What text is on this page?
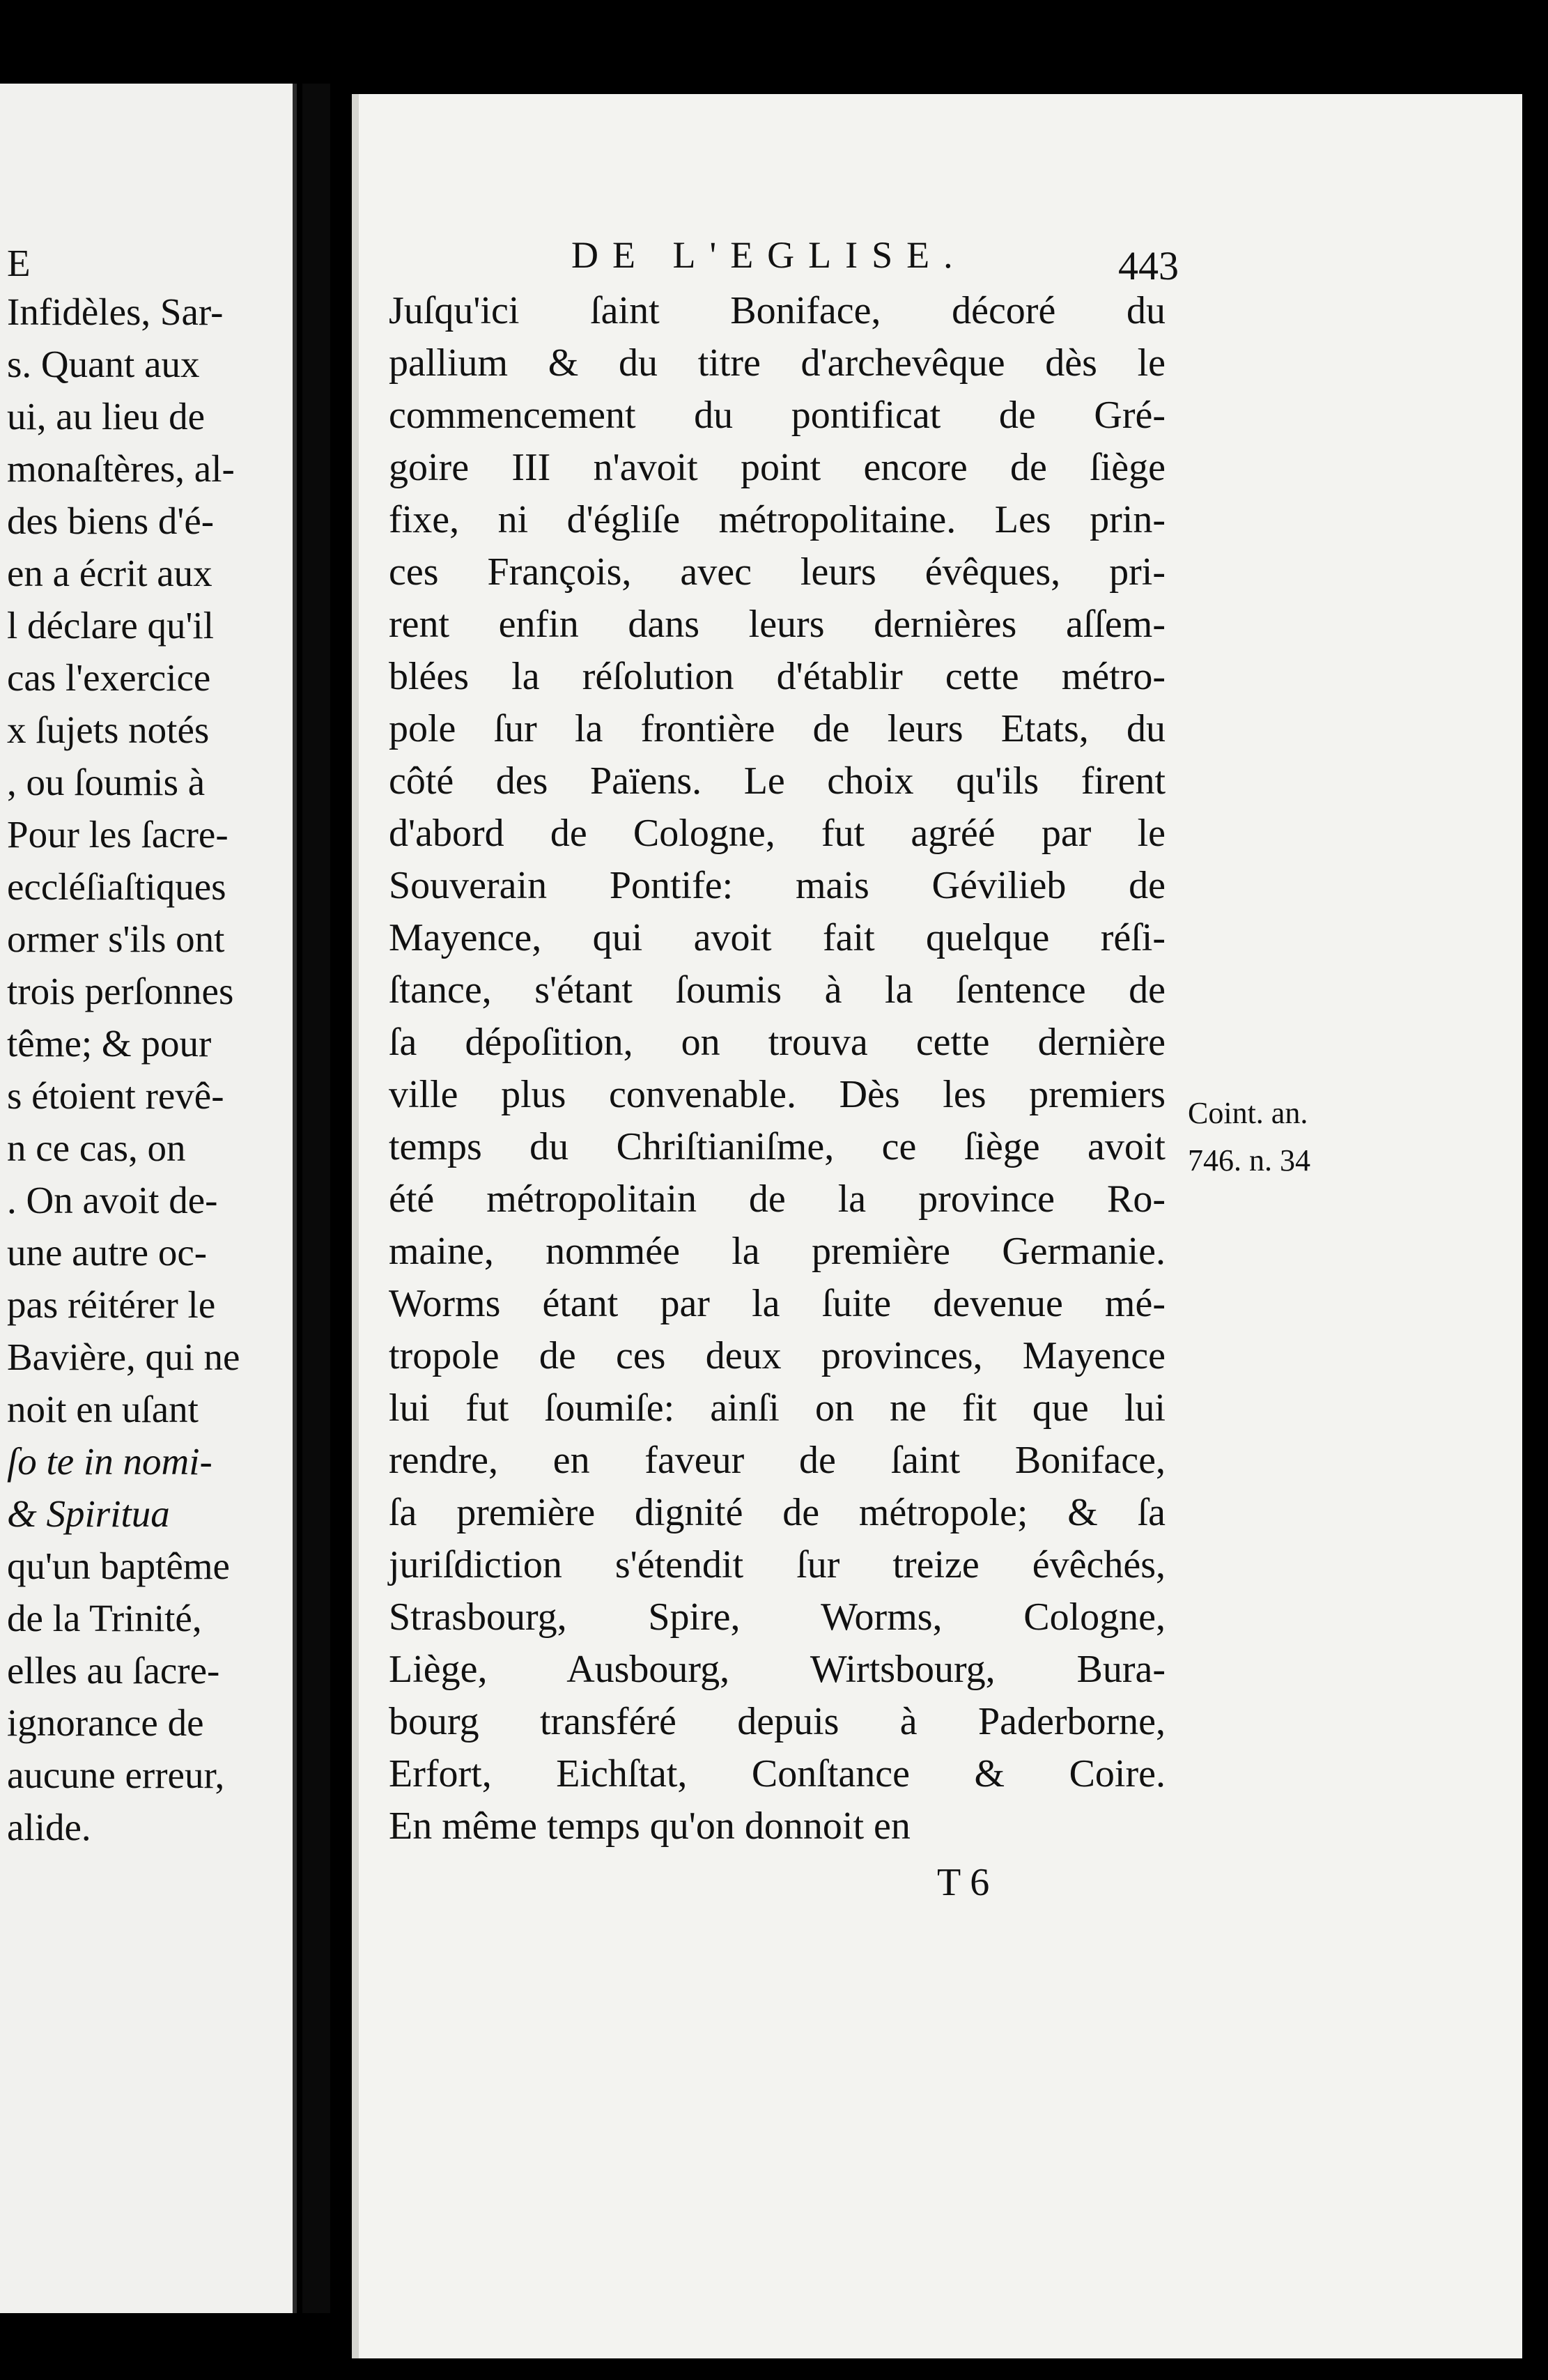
E
Infidèles, Sar-
s. Quant aux
ui, au lieu de
monaſtères, al-
des biens d'é-
en a écrit aux
l déclare qu'il
cas l'exercice
x ſujets notés
, ou ſoumis à
Pour les ſacre-
eccléſiaſtiques
ormer s'ils ont
trois perſonnes
tême; & pour
s étoient revê-
n ce cas, on
. On avoit de-
une autre oc-
pas réitérer le
Bavière, qui ne
noit en uſant
ſo te in nomi-
& Spiritua
qu'un baptême
de la Trinité,
elles au ſacre-
ignorance de
aucune erreur,
alide.
DE L'EGLISE.	443
Juſqu'ici ſaint Boniface, décoré du
pallium & du titre d'archevêque dès le
commencement du pontificat de Gré-
goire III n'avoit point encore de ſiège
fixe, ni d'égliſe métropolitaine. Les prin-
ces François, avec leurs évêques, pri-
rent enfin dans leurs dernières aſſem-
blées la réſolution d'établir cette métro-
pole ſur la frontière de leurs Etats, du
côté des Païens. Le choix qu'ils firent
d'abord de Cologne, fut agréé par le
Souverain Pontife: mais Gévilieb de
Mayence, qui avoit fait quelque réſi-
ſtance, s'étant ſoumis à la ſentence de
ſa dépoſition, on trouva cette dernière
ville plus convenable. Dès les premiers
temps du Chriſtianiſme, ce ſiège avoit
été métropolitain de la province Ro-
maine, nommée la première Germanie.
Worms étant par la ſuite devenue mé-
tropole de ces deux provinces, Mayence
lui fut ſoumiſe: ainſi on ne fit que lui
rendre, en faveur de ſaint Boniface,
ſa première dignité de métropole; & ſa
juriſdiction s'étendit ſur treize évêchés,
Strasbourg, Spire, Worms, Cologne,
Liège, Ausbourg, Wirtsbourg, Bura-
bourg transféré depuis à Paderborne,
Erfort, Eichſtat, Conſtance & Coire.
En même temps qu'on donnoit en
Coint. an.
746. n. 34
T 6
